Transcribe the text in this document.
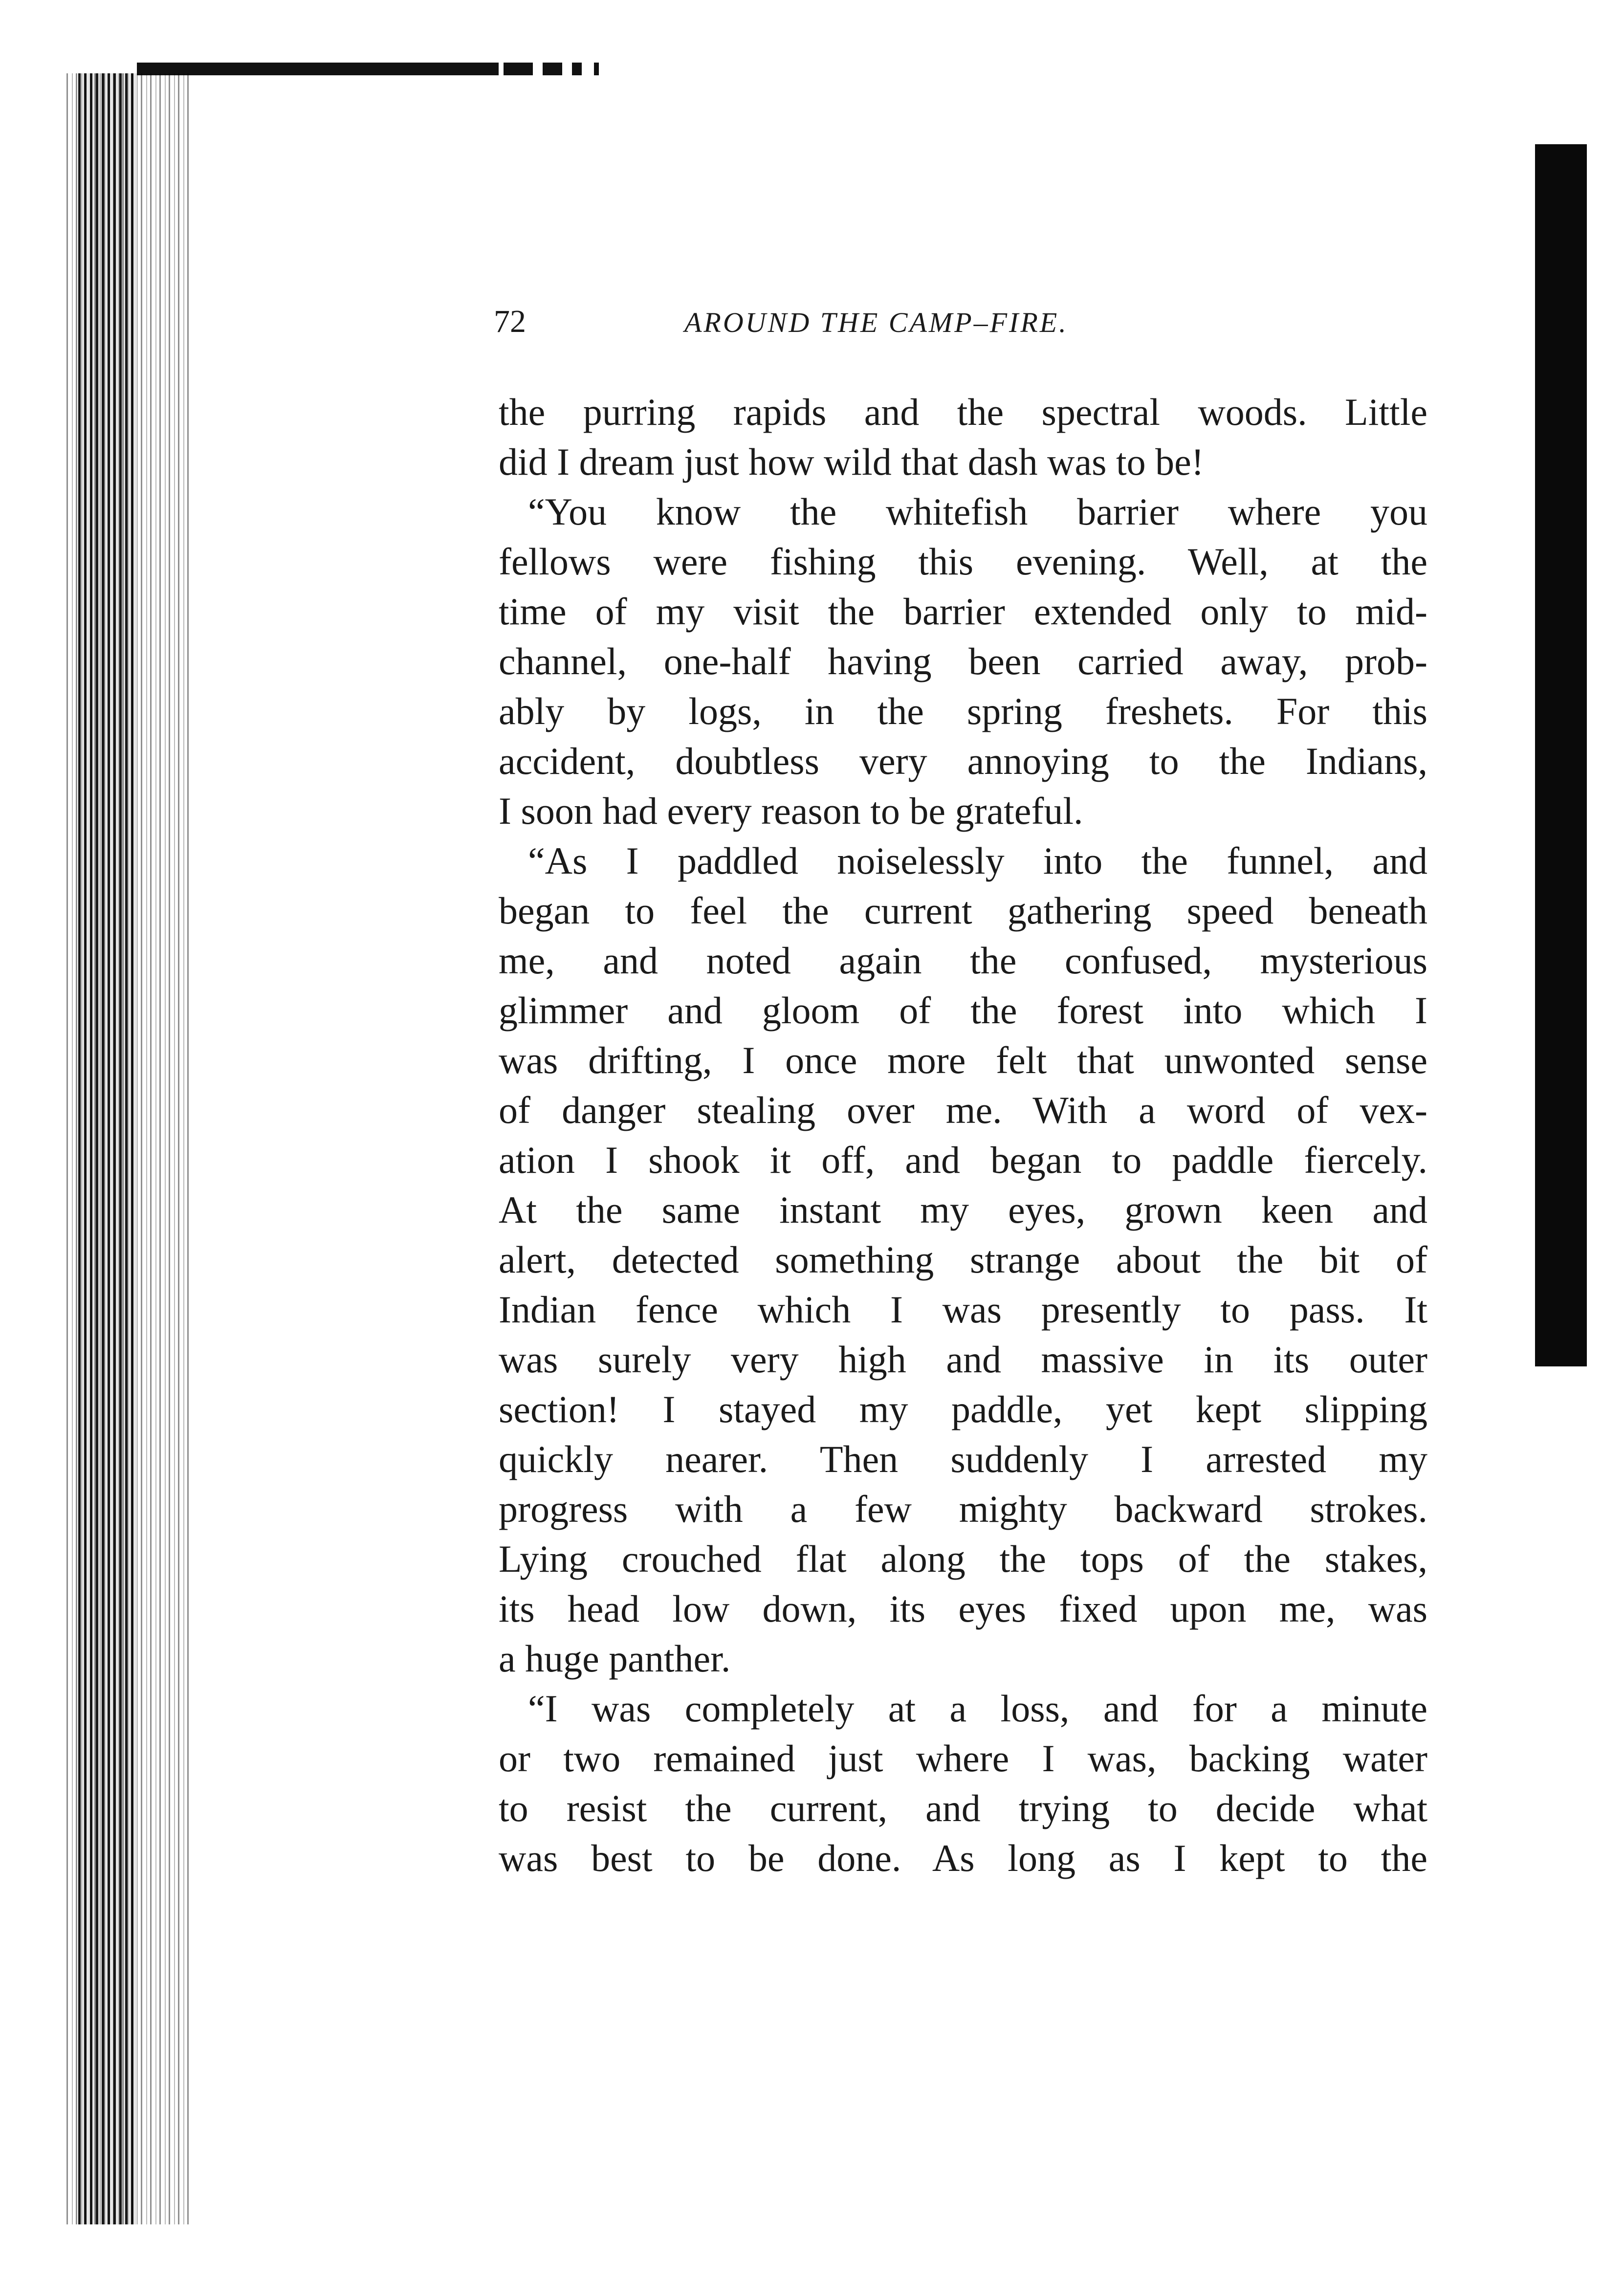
72	AROUND THE CAMP–FIRE.
the purring rapids and the spectral woods. Little
did I dream just how wild that dash was to be!
“You know the whitefish barrier where you
fellows were fishing this evening. Well, at the
time of my visit the barrier extended only to mid-
channel, one-half having been carried away, prob-
ably by logs, in the spring freshets. For this
accident, doubtless very annoying to the Indians,
I soon had every reason to be grateful.
“As I paddled noiselessly into the funnel, and
began to feel the current gathering speed beneath
me, and noted again the confused, mysterious
glimmer and gloom of the forest into which I
was drifting, I once more felt that unwonted sense
of danger stealing over me. With a word of vex-
ation I shook it off, and began to paddle fiercely.
At the same instant my eyes, grown keen and
alert, detected something strange about the bit of
Indian fence which I was presently to pass. It
was surely very high and massive in its outer
section! I stayed my paddle, yet kept slipping
quickly nearer. Then suddenly I arrested my
progress with a few mighty backward strokes.
Lying crouched flat along the tops of the stakes,
its head low down, its eyes fixed upon me, was
a huge panther.
“I was completely at a loss, and for a minute
or two remained just where I was, backing water
to resist the current, and trying to decide what
was best to be done. As long as I kept to the
